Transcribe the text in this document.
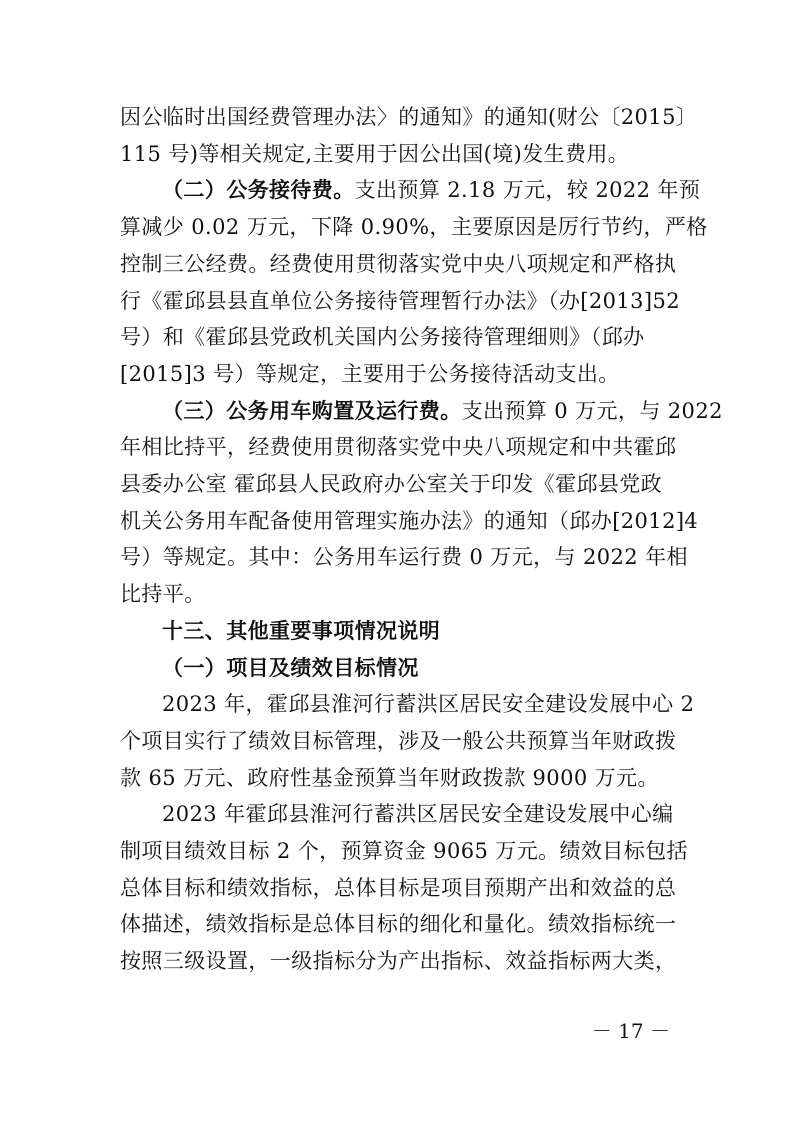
因公临时出国经费管理办法〉的通知》的通知(财公〔2015〕
115 号)等相关规定,主要用于因公出国(境)发生费用。
（二）公务接待费。支出预算 2.18 万元，较 2022 年预
算减少 0.02 万元，下降 0.90%，主要原因是厉行节约，严格
控制三公经费。经费使用贯彻落实党中央八项规定和严格执
行《霍邱县县直单位公务接待管理暂行办法》（办[2013]52
号）和《霍邱县党政机关国内公务接待管理细则》（邱办
[2015]3 号）等规定，主要用于公务接待活动支出。
（三）公务用车购置及运行费。支出预算 0 万元，与 2022
年相比持平，经费使用贯彻落实党中央八项规定和中共霍邱
县委办公室 霍邱县人民政府办公室关于印发《霍邱县党政
机关公务用车配备使用管理实施办法》的通知（邱办[2012]4
号）等规定。其中：公务用车运行费 0 万元，与 2022 年相
比持平。
十三、其他重要事项情况说明
（一）项目及绩效目标情况
2023 年，霍邱县淮河行蓄洪区居民安全建设发展中心 2
个项目实行了绩效目标管理，涉及一般公共预算当年财政拨
款 65 万元、政府性基金预算当年财政拨款 9000 万元。
2023 年霍邱县淮河行蓄洪区居民安全建设发展中心编
制项目绩效目标 2 个，预算资金 9065 万元。绩效目标包括
总体目标和绩效指标，总体目标是项目预期产出和效益的总
体描述，绩效指标是总体目标的细化和量化。绩效指标统一
按照三级设置，一级指标分为产出指标、效益指标两大类，
－ 17 －
